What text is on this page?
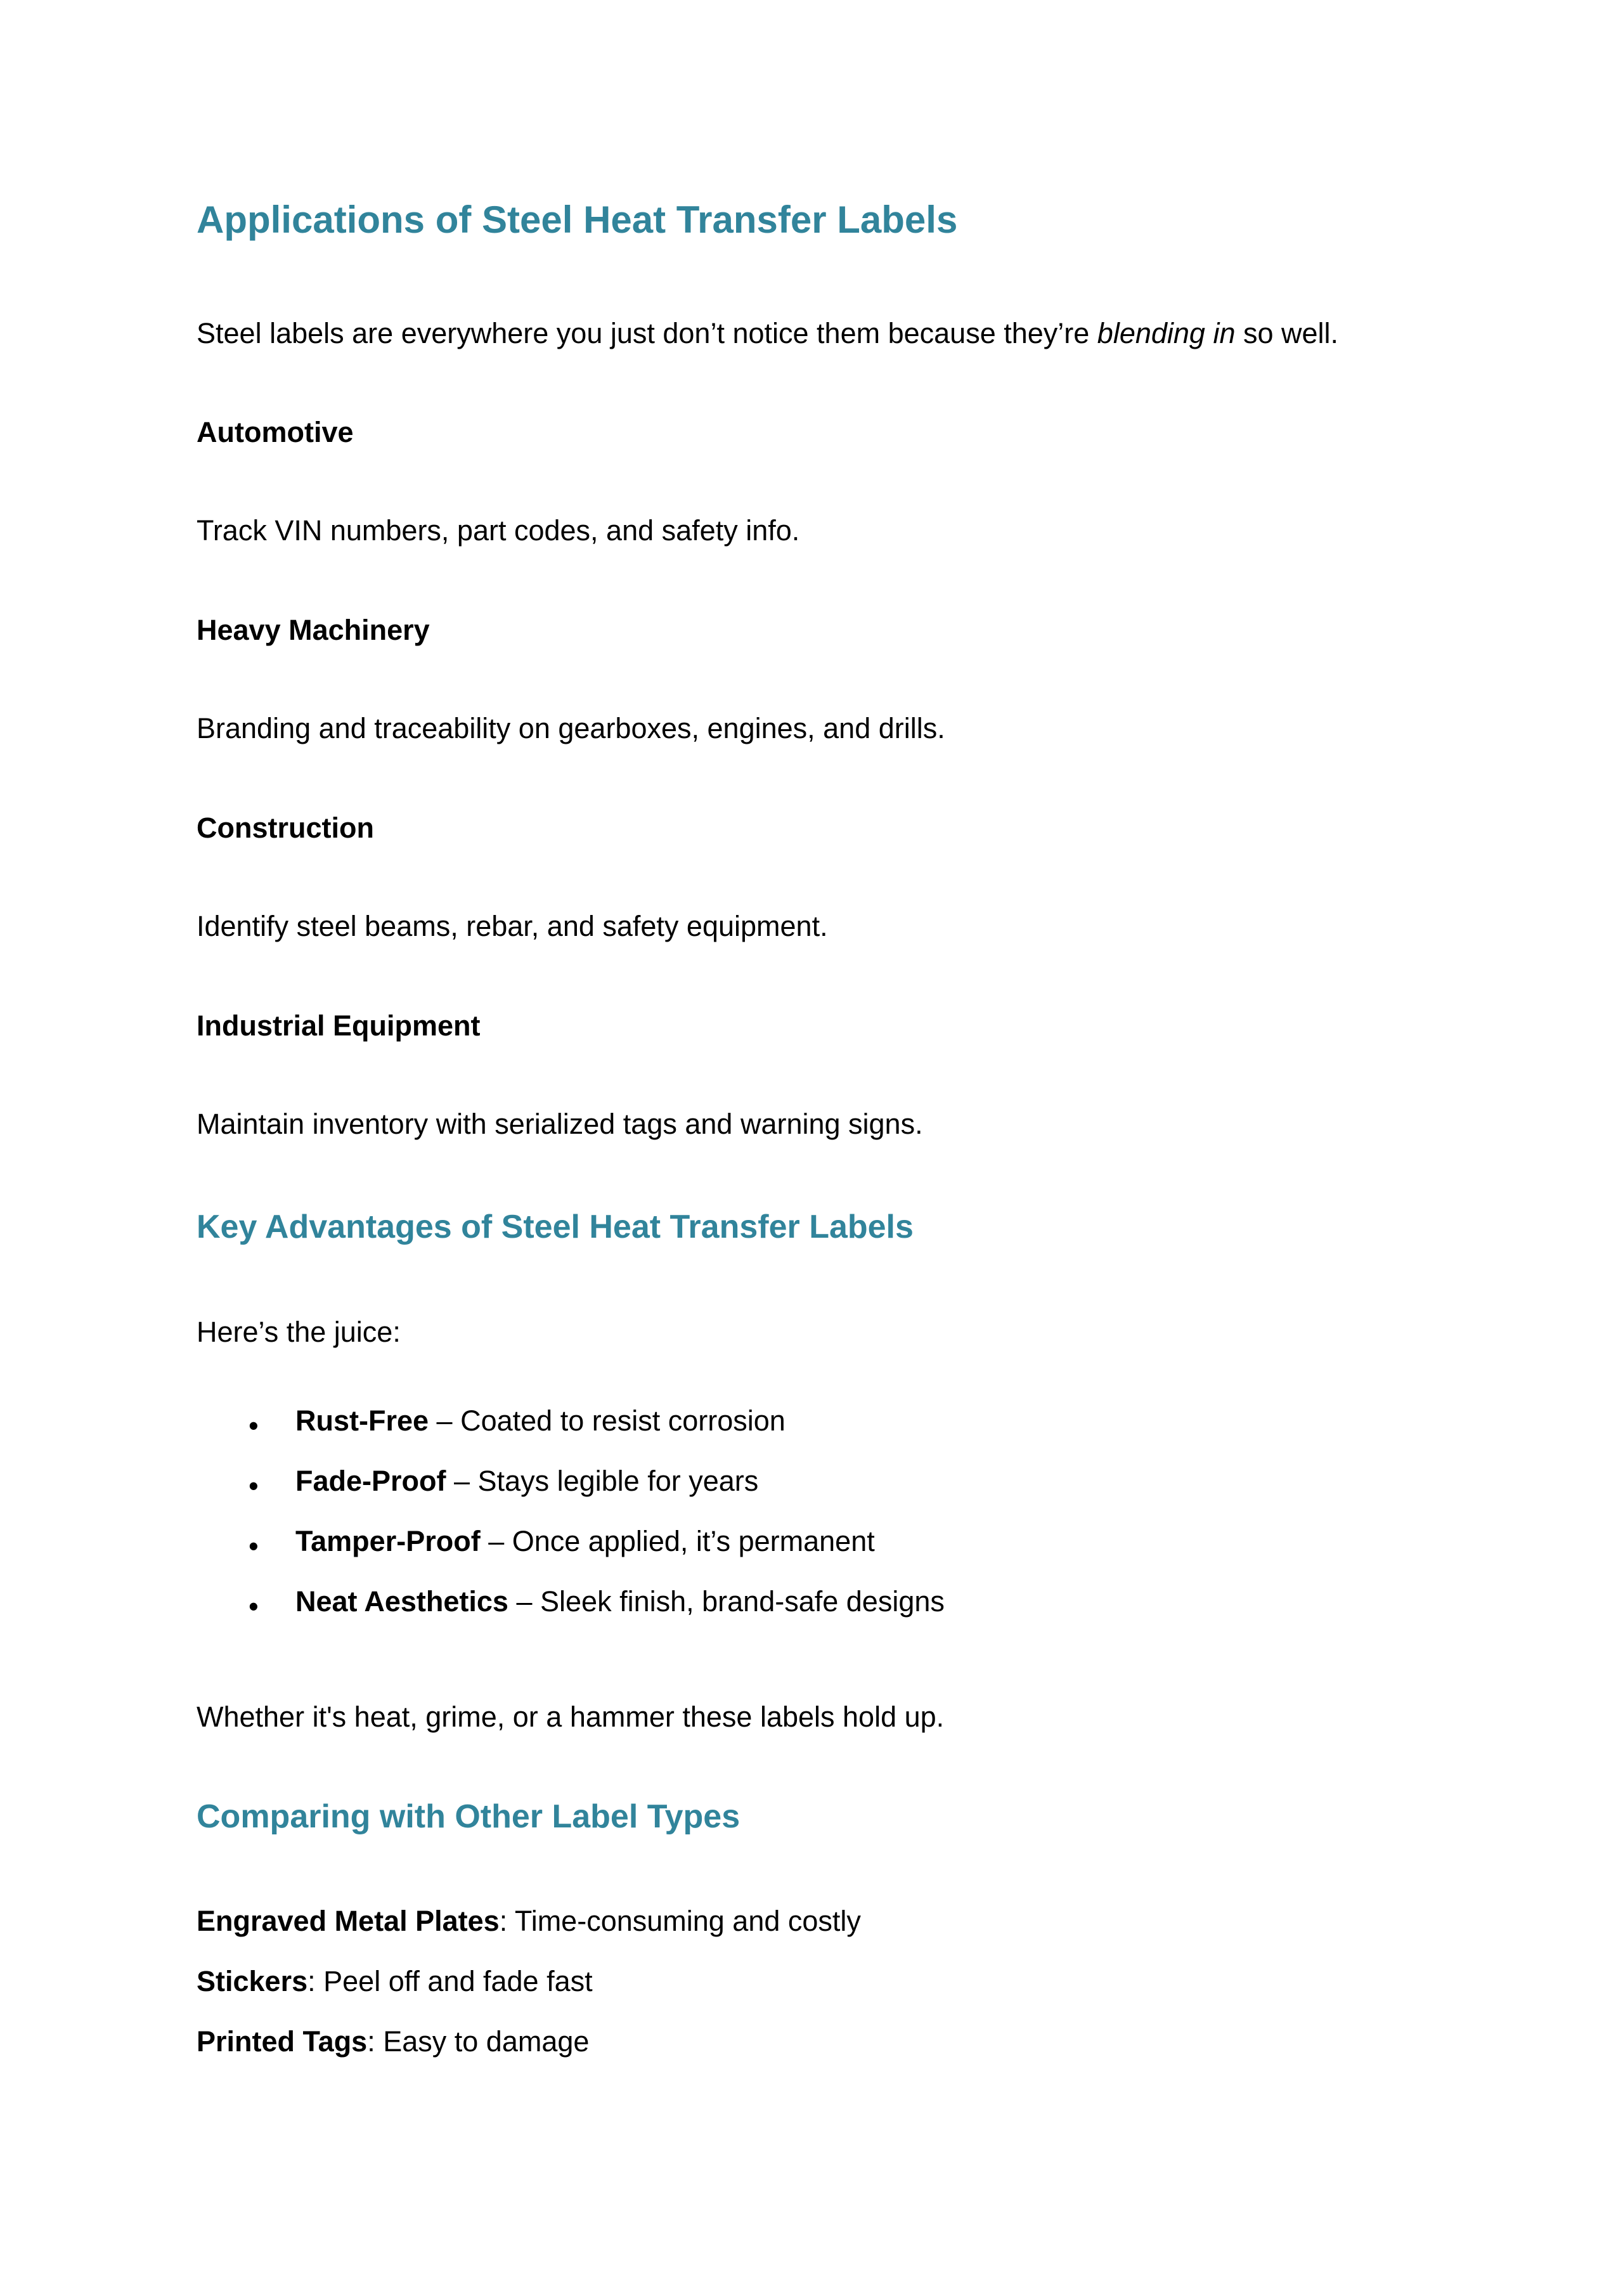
Applications of Steel Heat Transfer Labels

Steel labels are everywhere you just don’t notice them because they’re blending in so well.

Automotive

Track VIN numbers, part codes, and safety info.

Heavy Machinery

Branding and traceability on gearboxes, engines, and drills.

Construction

Identify steel beams, rebar, and safety equipment.

Industrial Equipment

Maintain inventory with serialized tags and warning signs.

Key Advantages of Steel Heat Transfer Labels

Here’s the juice:

• Rust-Free – Coated to resist corrosion
• Fade-Proof – Stays legible for years
• Tamper-Proof – Once applied, it’s permanent
• Neat Aesthetics – Sleek finish, brand-safe designs

Whether it's heat, grime, or a hammer these labels hold up.

Comparing with Other Label Types

Engraved Metal Plates: Time-consuming and costly

Stickers: Peel off and fade fast

Printed Tags: Easy to damage
